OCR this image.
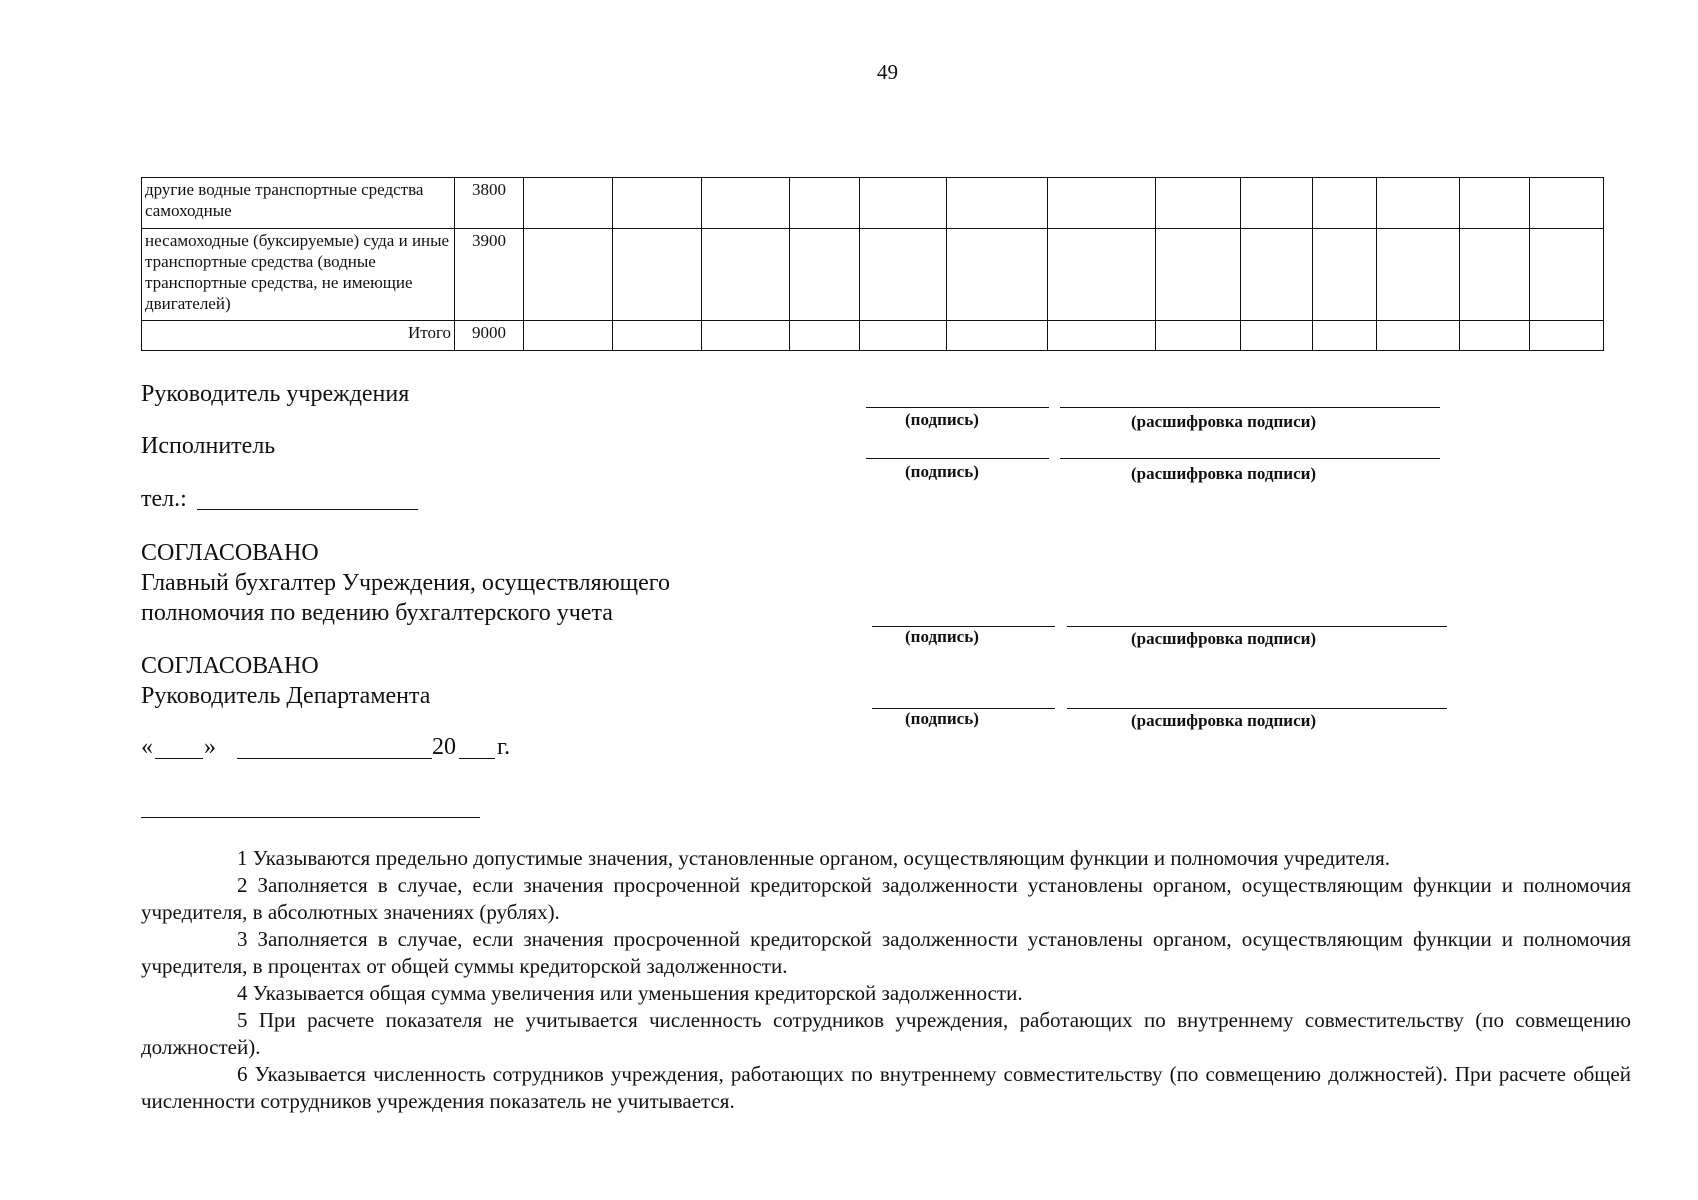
49
другие водные транспортные средства самоходные	3800													
несамоходные (буксируемые) суда и иные транспортные средства (водные транспортные средства, не имеющие двигателей)	3900													
Итого	9000													
Руководитель учреждения
(подпись)	(расшифровка подписи)
Исполнитель
(подпись)	(расшифровка подписи)
тел.:
СОГЛАСОВАНО
Главный бухгалтер Учреждения, осуществляющего
полномочия по ведению бухгалтерского учета
(подпись)	(расшифровка подписи)
СОГЛАСОВАНО
Руководитель Департамента
(подпись)	(расшифровка подписи)
« »	20 г.

1 Указываются предельно допустимые значения, установленные органом, осуществляющим функции и полномочия учредителя.

2 Заполняется в случае, если значения просроченной кредиторской задолженности установлены органом, осуществляющим функции и полномочия учредителя, в абсолютных значениях (рублях).

3 Заполняется в случае, если значения просроченной кредиторской задолженности установлены органом, осуществляющим функции и полномочия учредителя, в процентах от общей суммы кредиторской задолженности.

4 Указывается общая сумма увеличения или уменьшения кредиторской задолженности.

5 При расчете показателя не учитывается численность сотрудников учреждения, работающих по внутреннему совместительству (по совмещению должностей).

6 Указывается численность сотрудников учреждения, работающих по внутреннему совместительству (по совмещению должностей). При расчете общей численности сотрудников учреждения показатель не учитывается.
